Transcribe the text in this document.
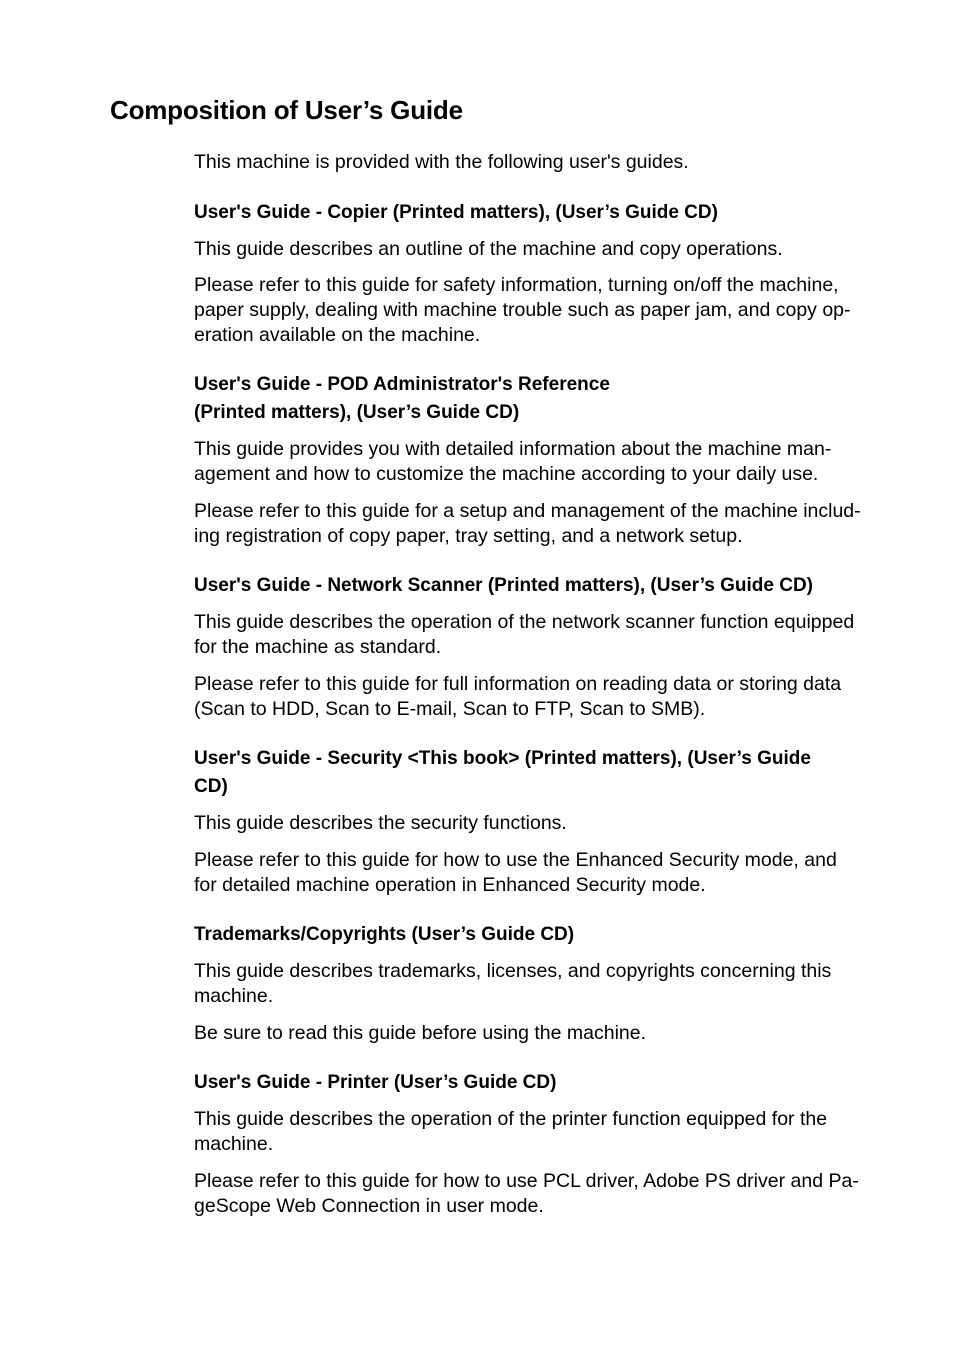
Composition of User’s Guide

This machine is provided with the following user's guides.

User's Guide - Copier (Printed matters), (User’s Guide CD)

This guide describes an outline of the machine and copy operations.

Please refer to this guide for safety information, turning on/off the machine,
paper supply, dealing with machine trouble such as paper jam, and copy op-
eration available on the machine.

User's Guide - POD Administrator's Reference
(Printed matters), (User’s Guide CD)

This guide provides you with detailed information about the machine man-
agement and how to customize the machine according to your daily use.

Please refer to this guide for a setup and management of the machine includ-
ing registration of copy paper, tray setting, and a network setup.

User's Guide - Network Scanner (Printed matters), (User’s Guide CD)

This guide describes the operation of the network scanner function equipped
for the machine as standard.

Please refer to this guide for full information on reading data or storing data
(Scan to HDD, Scan to E-mail, Scan to FTP, Scan to SMB).

User's Guide - Security <This book> (Printed matters), (User’s Guide
CD)

This guide describes the security functions.

Please refer to this guide for how to use the Enhanced Security mode, and
for detailed machine operation in Enhanced Security mode.

Trademarks/Copyrights (User’s Guide CD)

This guide describes trademarks, licenses, and copyrights concerning this
machine.

Be sure to read this guide before using the machine.

User's Guide - Printer (User’s Guide CD)

This guide describes the operation of the printer function equipped for the
machine.

Please refer to this guide for how to use PCL driver, Adobe PS driver and Pa-
geScope Web Connection in user mode.
